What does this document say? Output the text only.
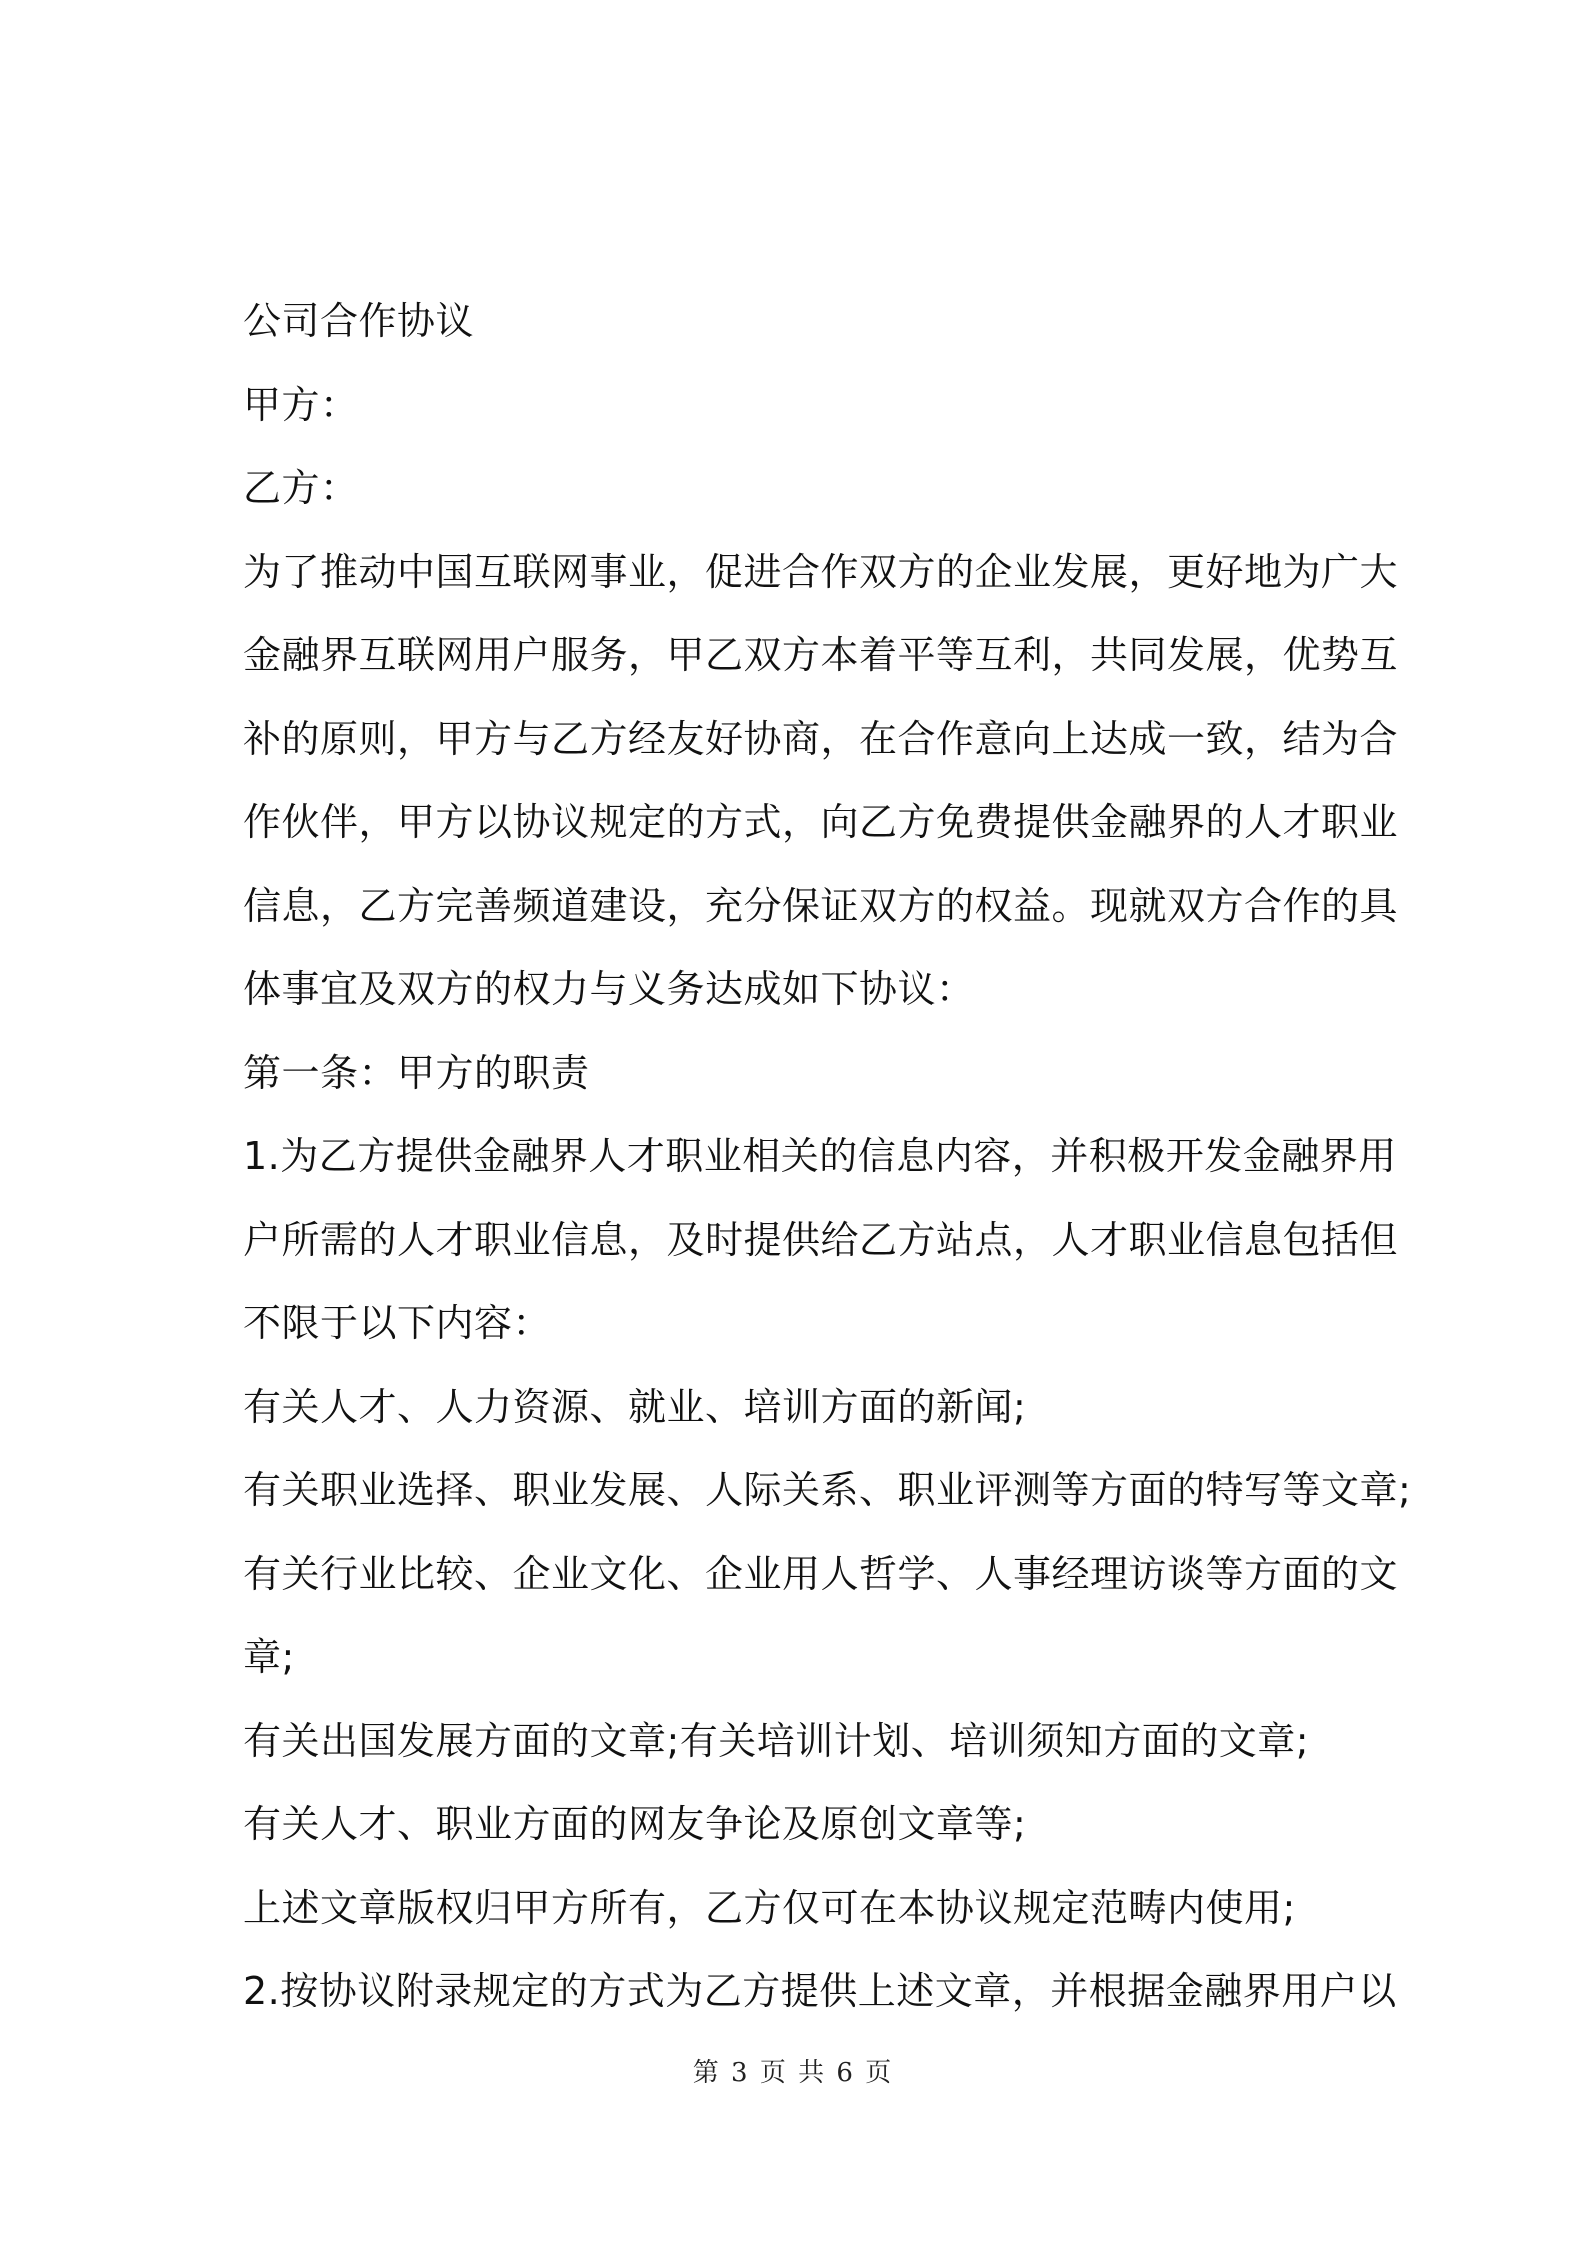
公司合作协议
甲方：
乙方：
为了推动中国互联网事业，促进合作双方的企业发展，更好地为广大
金融界互联网用户服务，甲乙双方本着平等互利，共同发展，优势互
补的原则，甲方与乙方经友好协商，在合作意向上达成一致，结为合
作伙伴，甲方以协议规定的方式，向乙方免费提供金融界的人才职业
信息，乙方完善频道建设，充分保证双方的权益。现就双方合作的具
体事宜及双方的权力与义务达成如下协议：
第一条：甲方的职责
1.为乙方提供金融界人才职业相关的信息内容，并积极开发金融界用
户所需的人才职业信息，及时提供给乙方站点，人才职业信息包括但
不限于以下内容：
有关人才、人力资源、就业、培训方面的新闻;
有关职业选择、职业发展、人际关系、职业评测等方面的特写等文章;
有关行业比较、企业文化、企业用人哲学、人事经理访谈等方面的文
章;
有关出国发展方面的文章;有关培训计划、培训须知方面的文章;
有关人才、职业方面的网友争论及原创文章等;
上述文章版权归甲方所有，乙方仅可在本协议规定范畴内使用;
2.按协议附录规定的方式为乙方提供上述文章，并根据金融界用户以
第 3 页 共 6 页
